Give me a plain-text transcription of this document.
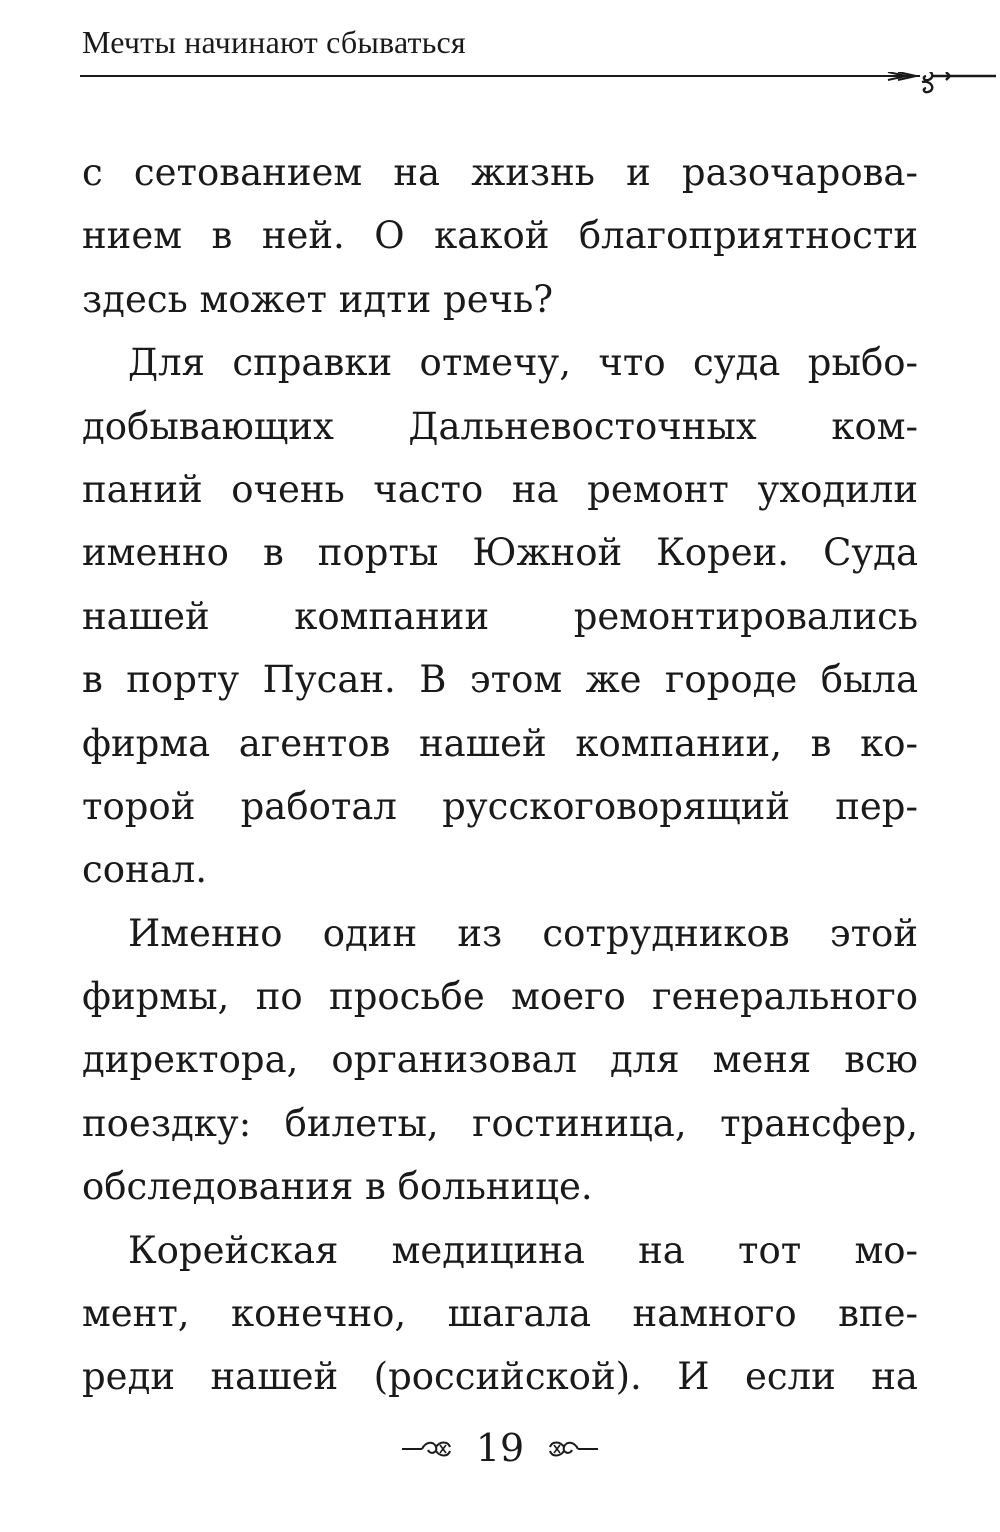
Мечты начинают сбываться
с сетованием на жизнь и разочарова-
нием в ней. О какой благоприятности
здесь может идти речь?
Для справки отмечу, что суда рыбо-
добывающих Дальневосточных ком-
паний очень часто на ремонт уходили
именно в порты Южной Кореи. Суда
нашей компании ремонтировались
в порту Пусан. В этом же городе была
фирма агентов нашей компании, в ко-
торой работал русскоговорящий пер-
сонал.
Именно один из сотрудников этой
фирмы, по просьбе моего генерального
директора, организовал для меня всю
поездку: билеты, гостиница, трансфер,
обследования в больнице.
Корейская медицина на тот мо-
мент, конечно, шагала намного впе-
реди нашей (российской). И если на
19
